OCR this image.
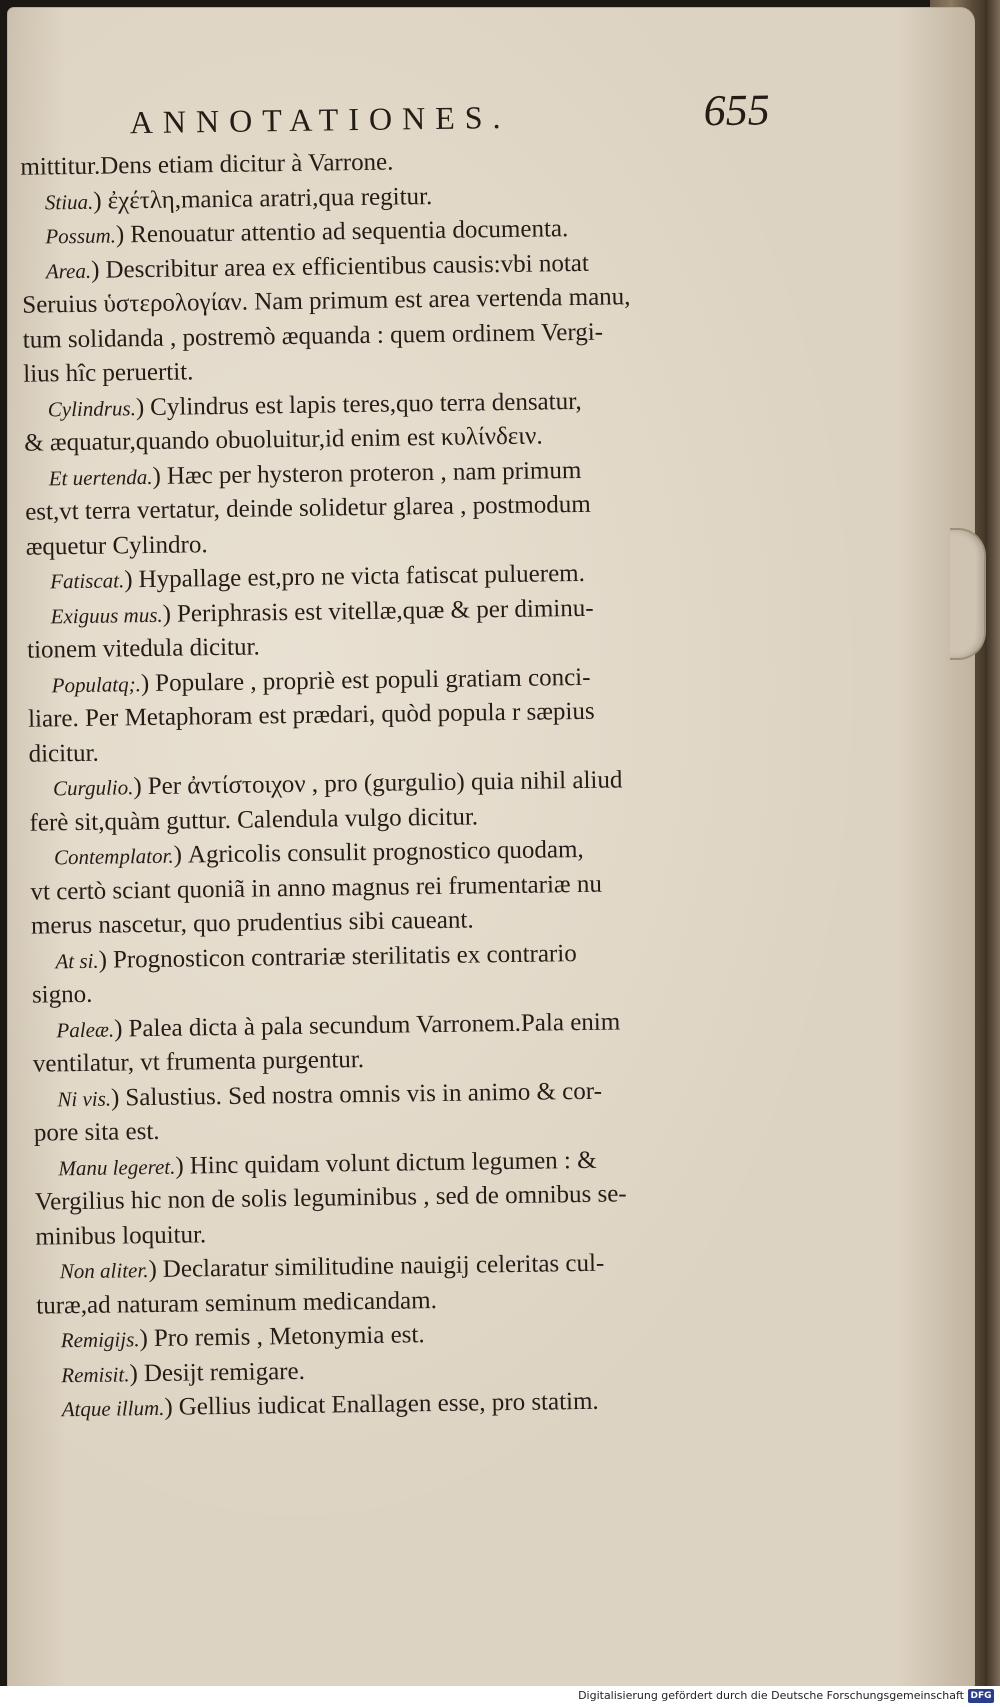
ANNOTATIONES.	655
mittitur.Dens etiam dicitur à Varrone.
Stiua.) ἐχέτλη,manica aratri,qua regitur.
Possum.) Renouatur attentio ad sequentia documenta.
Area.) Describitur area ex efficientibus causis:vbi notat
Seruius ὑστερολογίαν. Nam primum est area vertenda manu,
tum solidanda , postremò æquanda : quem ordinem Vergi-
lius hîc peruertit.
Cylindrus.) Cylindrus est lapis teres,quo terra densatur,
& æquatur,quando obuoluitur,id enim est κυλίνδειν.
Et uertenda.) Hæc per hysteron proteron , nam primum
est,vt terra vertatur, deinde solidetur glarea , postmodum
æquetur Cylindro.
Fatiscat.) Hypallage est,pro ne victa fatiscat puluerem.
Exiguus mus.) Periphrasis est vitellæ,quæ & per diminu-
tionem vitedula dicitur.
Populatq;.) Populare , propriè est populi gratiam conci-
liare. Per Metaphoram est prædari, quòd popula r sæpius
dicitur.
Curgulio.) Per ἀντίστοιχον , pro (gurgulio) quia nihil aliud
ferè sit,quàm guttur. Calendula vulgo dicitur.
Contemplator.) Agricolis consulit prognostico quodam,
vt certò sciant quoniã in anno magnus rei frumentariæ nu
merus nascetur, quo prudentius sibi caueant.
At si.) Prognosticon contrariæ sterilitatis ex contrario
signo.
Paleæ.) Palea dicta à pala secundum Varronem.Pala enim
ventilatur, vt frumenta purgentur.
Ni vis.) Salustius. Sed nostra omnis vis in animo & cor-
pore sita est.
Manu legeret.) Hinc quidam volunt dictum legumen : &
Vergilius hic non de solis leguminibus , sed de omnibus se-
minibus loquitur.
Non aliter.) Declaratur similitudine nauigij celeritas cul-
turæ,ad naturam seminum medicandam.
Remigijs.) Pro remis , Metonymia est.
Remisit.) Desijt remigare.
Atque illum.) Gellius iudicat Enallagen esse, pro statim.
Digitalisierung gefördert durch die Deutsche Forschungsgemeinschaft DFG
